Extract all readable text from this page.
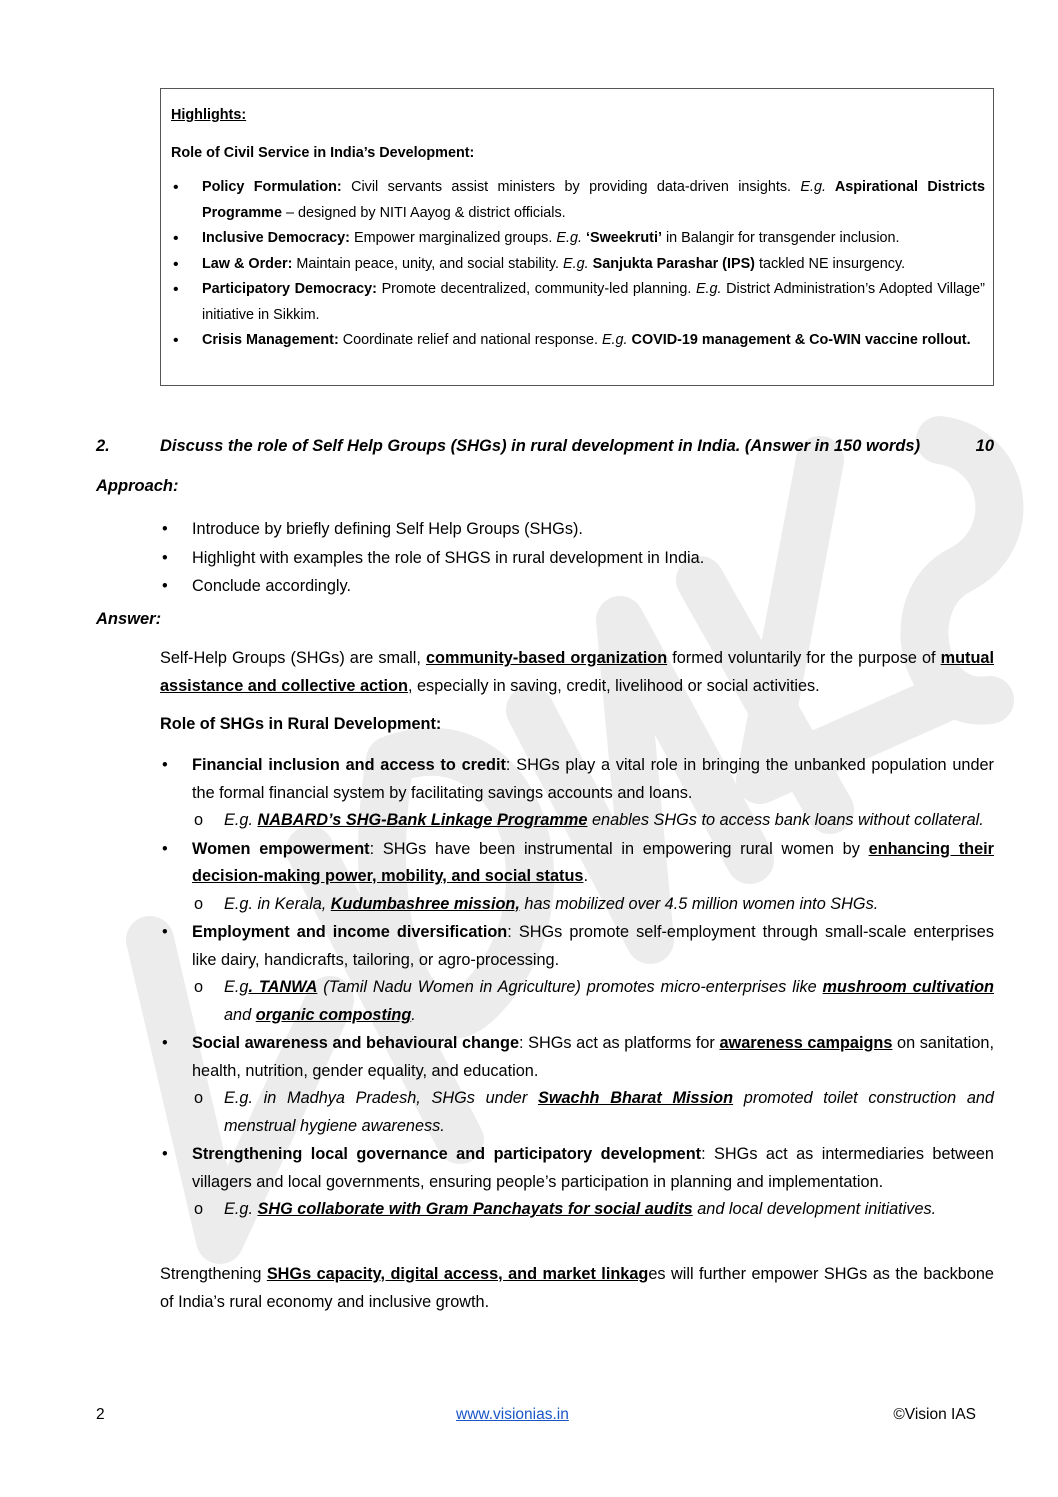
Highlights:
Role of Civil Service in India’s Development:
• Policy Formulation: Civil servants assist ministers by providing data-driven insights. E.g. Aspirational Districts Programme – designed by NITI Aayog & district officials.
• Inclusive Democracy: Empower marginalized groups. E.g. ‘Sweekruti’ in Balangir for transgender inclusion.
• Law & Order: Maintain peace, unity, and social stability. E.g. Sanjukta Parashar (IPS) tackled NE insurgency.
• Participatory Democracy: Promote decentralized, community-led planning. E.g. District Administration’s Adopted Village” initiative in Sikkim.
• Crisis Management: Coordinate relief and national response. E.g. COVID-19 management & Co-WIN vaccine rollout.
2.	Discuss the role of Self Help Groups (SHGs) in rural development in India. (Answer in 150 words)	10
Approach:
• Introduce by briefly defining Self Help Groups (SHGs).
• Highlight with examples the role of SHGS in rural development in India.
• Conclude accordingly.
Answer:
Self-Help Groups (SHGs) are small, community-based organization formed voluntarily for the purpose of mutual assistance and collective action, especially in saving, credit, livelihood or social activities.
Role of SHGs in Rural Development:
• Financial inclusion and access to credit: SHGs play a vital role in bringing the unbanked population under the formal financial system by facilitating savings accounts and loans.
o E.g. NABARD’s SHG-Bank Linkage Programme enables SHGs to access bank loans without collateral.
• Women empowerment: SHGs have been instrumental in empowering rural women by enhancing their decision-making power, mobility, and social status.
o E.g. in Kerala, Kudumbashree mission, has mobilized over 4.5 million women into SHGs.
• Employment and income diversification: SHGs promote self-employment through small-scale enterprises like dairy, handicrafts, tailoring, or agro-processing.
o E.g. TANWA (Tamil Nadu Women in Agriculture) promotes micro-enterprises like mushroom cultivation and organic composting.
• Social awareness and behavioural change: SHGs act as platforms for awareness campaigns on sanitation, health, nutrition, gender equality, and education.
o E.g. in Madhya Pradesh, SHGs under Swachh Bharat Mission promoted toilet construction and menstrual hygiene awareness.
• Strengthening local governance and participatory development: SHGs act as intermediaries between villagers and local governments, ensuring people’s participation in planning and implementation.
o E.g. SHG collaborate with Gram Panchayats for social audits and local development initiatives.
Strengthening SHGs capacity, digital access, and market linkages will further empower SHGs as the backbone of India’s rural economy and inclusive growth.
2	www.visionias.in	©Vision IAS
